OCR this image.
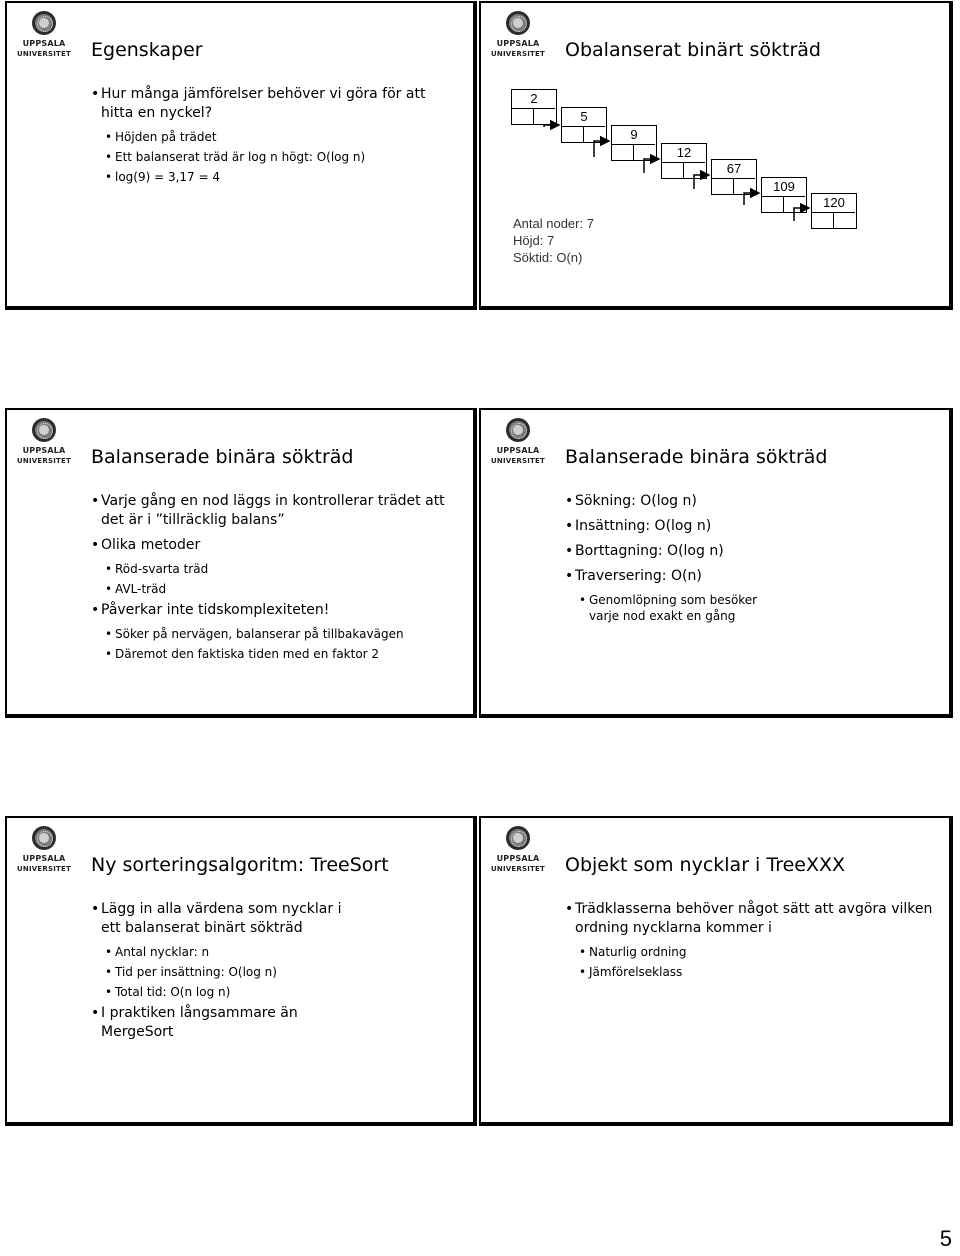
UPPSALA
UNIVERSITET Egenskaper
• Hur många jämförelser behöver vi göra för att hitta en nyckel?
• Höjden på trädet
• Ett balanserat träd är log n högt: O(log n)
• log(9) = 3,17 = 4
UPPSALA
UNIVERSITET Obalanserat binärt sökträd
2
5
9
12
67
109
120
Antal noder: 7
Höjd: 7
Söktid: O(n)
UPPSALA
UNIVERSITET Balanserade binära sökträd
• Varje gång en nod läggs in kontrollerar trädet att det är i ”tillräcklig balans”
• Olika metoder
• Röd-svarta träd
• AVL-träd
• Påverkar inte tidskomplexiteten!
• Söker på nervägen, balanserar på tillbakavägen
• Däremot den faktiska tiden med en faktor 2
UPPSALA
UNIVERSITET Balanserade binära sökträd
• Sökning: O(log n)
• Insättning: O(log n)
• Borttagning: O(log n)
• Traversering: O(n)
• Genomlöpning som besöker varje nod exakt en gång
UPPSALA
UNIVERSITET Ny sorteringsalgoritm: TreeSort
• Lägg in alla värdena som nycklar i ett balanserat binärt sökträd
• Antal nycklar: n
• Tid per insättning: O(log n)
• Total tid: O(n log n)
• I praktiken långsammare än MergeSort
UPPSALA
UNIVERSITET Objekt som nycklar i TreeXXX
• Trädklasserna behöver något sätt att avgöra vilken ordning nycklarna kommer i
• Naturlig ordning
• Jämförelseklass
5
